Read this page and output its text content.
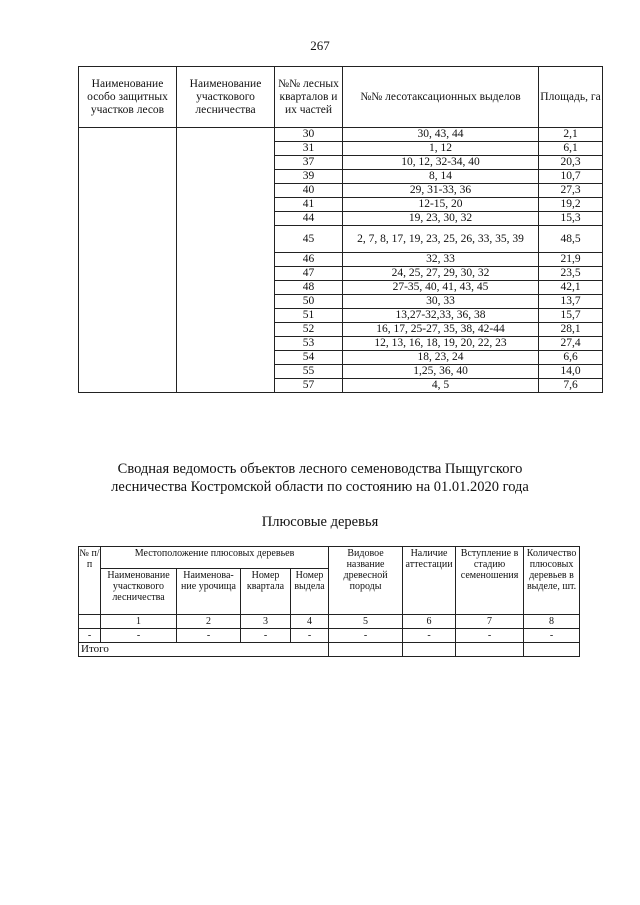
267
Наименование особо защитных участков лесов	Наименование участкового лесничества	№№ лесных кварталов и их частей	№№ лесотаксационных выделов	Площадь, га
		30	30, 43, 44	2,1
		31	1, 12	6,1
		37	10, 12, 32-34, 40	20,3
		39	8, 14	10,7
		40	29, 31-33, 36	27,3
		41	12-15, 20	19,2
		44	19, 23, 30, 32	15,3
		45	2, 7, 8, 17, 19, 23, 25, 26, 33, 35, 39	48,5
		46	32, 33	21,9
		47	24, 25, 27, 29, 30, 32	23,5
		48	27-35, 40, 41, 43, 45	42,1
		50	30, 33	13,7
		51	13,27-32,33, 36, 38	15,7
		52	16, 17, 25-27, 35, 38, 42-44	28,1
		53	12, 13, 16, 18, 19, 20, 22, 23	27,4
		54	18, 23, 24	6,6
		55	1,25, 36, 40	14,0
		57	4, 5	7,6
Сводная ведомость объектов лесного семеноводства Пыщугского
лесничества Костромской области по состоянию на 01.01.2020 года
Плюсовые деревья
№ п/п	Местоположение плюсовых деревьев				Видовое название древесной породы	Наличие аттестации	Вступление в стадию семеношения	Количество плюсовых деревьев в выделе, шт.
	Наименование участкового лесничества	Наименова-ние урочища	Номер квартала	Номер выдела				
	1	2	3	4	5	6	7	8
-	-	-	-	-	-	-	-	-
Итого								
